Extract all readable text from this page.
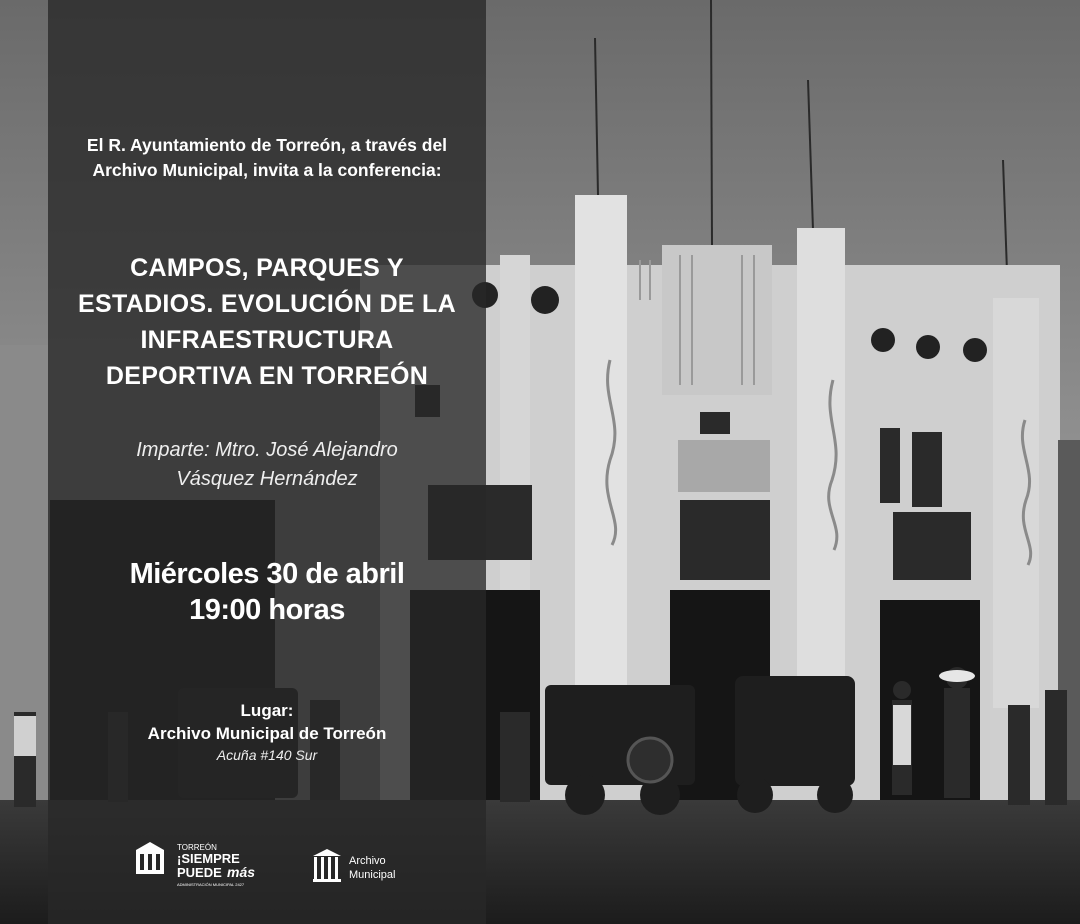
El R. Ayuntamiento de Torreón, a través del
Archivo Municipal, invita a la conferencia:
CAMPOS, PARQUES Y
ESTADIOS. EVOLUCIÓN DE LA
INFRAESTRUCTURA
DEPORTIVA EN TORREÓN
Imparte: Mtro. José Alejandro
Vásquez Hernández
Miércoles 30 de abril
19:00 horas
Lugar:
Archivo Municipal de Torreón
Acuña #140 Sur
TORREÓN
¡SIEMPRE
PUEDE más
ADMINISTRACIÓN MUNICIPAL 2427
Archivo
Municipal
